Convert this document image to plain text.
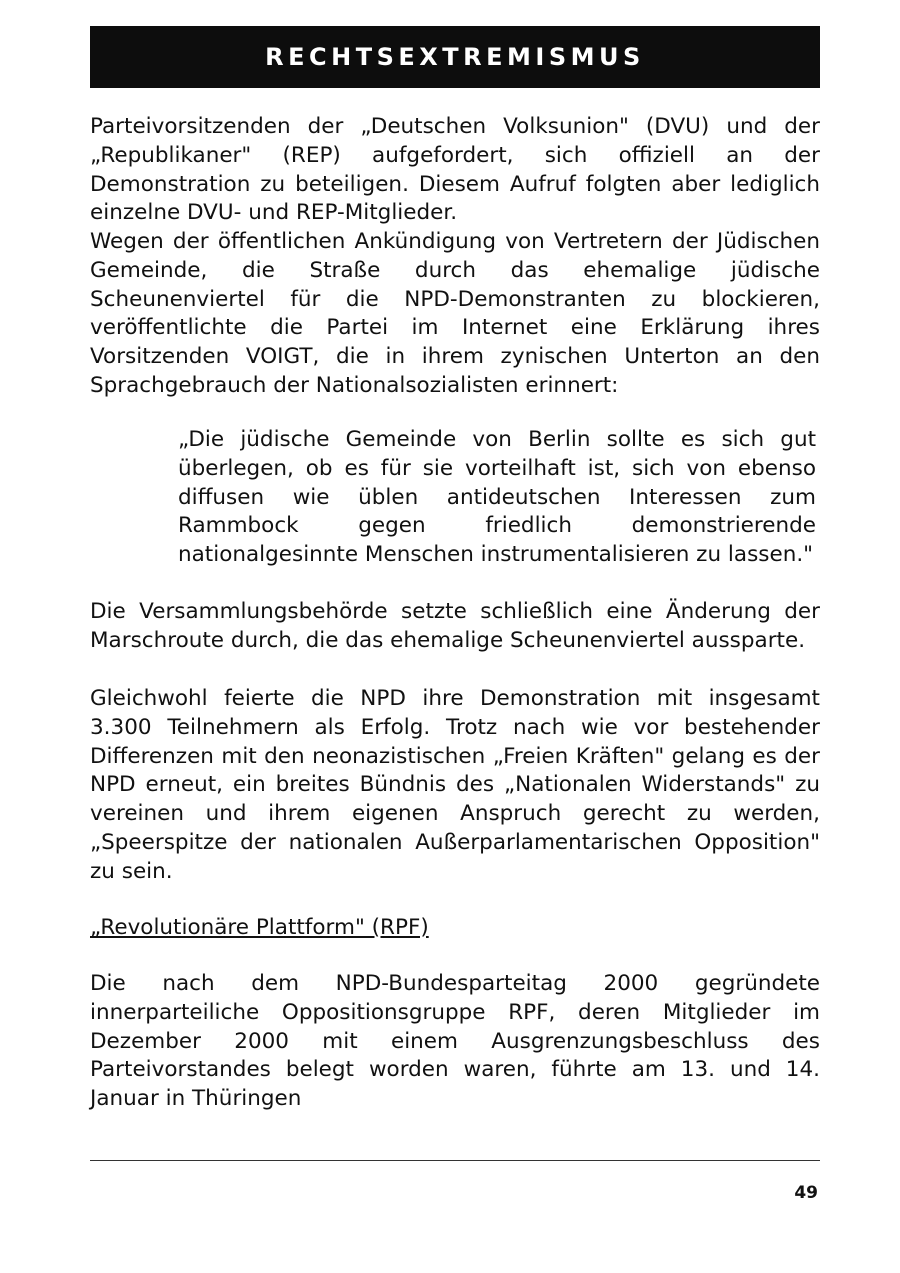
RECHTSEXTREMISMUS

Parteivorsitzenden der „Deutschen Volksunion" (DVU) und der „Republikaner" (REP) aufgefordert, sich offiziell an der Demonstration zu beteiligen. Diesem Aufruf folgten aber lediglich einzelne DVU- und REP-Mitglieder.

Wegen der öffentlichen Ankündigung von Vertretern der Jüdischen Gemeinde, die Straße durch das ehemalige jüdische Scheunenviertel für die NPD-Demonstranten zu blockieren, veröffentlichte die Partei im Internet eine Erklärung ihres Vorsitzenden VOIGT, die in ihrem zynischen Unterton an den Sprachgebrauch der Nationalsozialisten erinnert:

„Die jüdische Gemeinde von Berlin sollte es sich gut überlegen, ob es für sie vorteilhaft ist, sich von ebenso diffusen wie üblen antideutschen Interessen zum Rammbock gegen friedlich demonstrierende nationalgesinnte Menschen instrumentalisieren zu lassen."

Die Versammlungsbehörde setzte schließlich eine Änderung der Marschroute durch, die das ehemalige Scheunenviertel aussparte.

Gleichwohl feierte die NPD ihre Demonstration mit insgesamt 3.300 Teilnehmern als Erfolg. Trotz nach wie vor bestehender Differenzen mit den neonazistischen „Freien Kräften" gelang es der NPD erneut, ein breites Bündnis des „Nationalen Widerstands" zu vereinen und ihrem eigenen Anspruch gerecht zu werden, „Speerspitze der nationalen Außerparlamentarischen Opposition" zu sein.

„Revolutionäre Plattform" (RPF)

Die nach dem NPD-Bundesparteitag 2000 gegründete innerparteiliche Oppositionsgruppe RPF, deren Mitglieder im Dezember 2000 mit einem Ausgrenzungsbeschluss des Parteivorstandes belegt worden waren, führte am 13. und 14. Januar in Thüringen

49
